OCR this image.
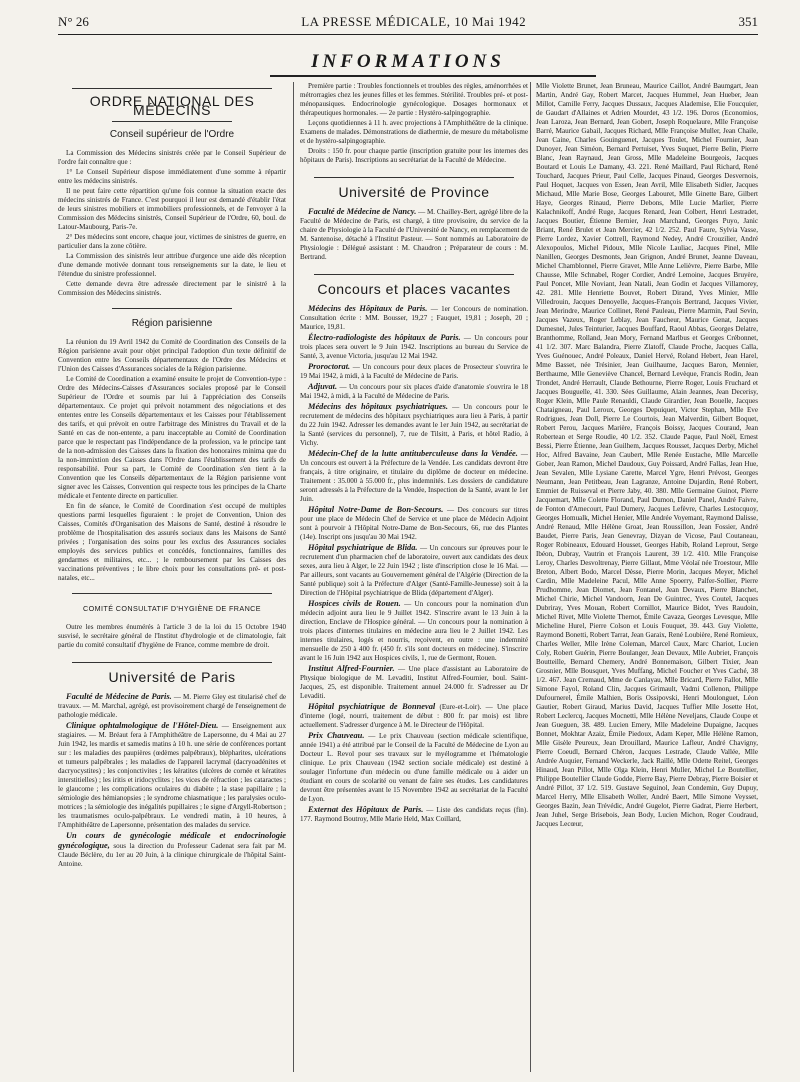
N° 26	LA PRESSE MÉDICALE, 10 Mai 1942	351
INFORMATIONS
ORDRE NATIONAL DES MÉDECINS
Conseil supérieur de l'Ordre

La Commission des Médecins sinistrés créée par le Conseil Supérieur de l'ordre fait connaître que :

1° Le Conseil Supérieur dispose immédiatement d'une somme à répartir entre les médecins sinistrés.

Il ne peut faire cette répartition qu'une fois connue la situation exacte des médecins sinistrés de France. C'est pourquoi il leur est demandé d'établir l'état de leurs sinistres mobiliers et immobiliers professionnels, et de l'envoyer à la Commission des Médecins sinistrés, Conseil Supérieur de l'Ordre, 60, boul. de Latour-Maubourg, Paris-7e.

2° Des médecins sont encore, chaque jour, victimes de sinistres de guerre, en particulier dans la zone côtière.

La Commission des sinistrés leur attribue d'urgence une aide dès réception d'une demande motivée donnant tous renseignements sur la date, le lieu et l'étendue du sinistre professionnel.

Cette demande devra être adressée directement par le sinistré à la Commission des Médecins sinistrés.

Région parisienne

La réunion du 19 Avril 1942 du Comité de Coordination des Conseils de la Région parisienne avait pour objet principal l'adoption d'un texte définitif de Convention entre les Conseils départementaux de l'Ordre des Médecins et l'Union des Caisses d'Assurances sociales de la Région parisienne.

Le Comité de Coordination a examiné ensuite le projet de Convention-type : Ordre des Médecins-Caisses d'Assurances sociales proposé par le Conseil Supérieur de l'Ordre et soumis par lui à l'appréciation des Conseils départementaux. Ce projet qui prévoit notamment des négociations et des ententes entre les Conseils départementaux et les Caisses pour l'établissement des tarifs, et qui prévoit en outre l'arbitrage des Ministres du Travail et de la Santé en cas de non-entente, a paru inacceptable au Comité de Coordination parce que le respectant pas l'indépendance de la profession, va le principe tant de la non-admission des Caisses dans la fixation des honoraires minima que du la non-immixtion des Caisses dans l'Ordre dans l'établissement des tarifs de responsabilité. Pour sa part, le Comité de Coordination s'en tient à la Convention que les Conseils départementaux de la Région parisienne vont signer avec les Caisses, Convention qui respecte tous les principes de la Charte médicale et l'entente directe en particulier.

En fin de séance, le Comité de Coordination s'est occupé de multiples questions parmi lesquelles figuraient : le projet de Convention, Union des Caisses, Comités d'Organisation des Maisons de Santé, destiné à résoudre le problème de l'hospitalisation des assurés sociaux dans les Maisons de Santé privées ; l'organisation des soins pour les exclus des Assurances sociales employés des services publics et concédés, fonctionnaires, familles des gendarmes et militaires, etc... ; le remboursement par les Caisses des vaccinations préventives ; le libre choix pour les consultations pré- et post-natales, etc...

COMITÉ CONSULTATIF D'HYGIÈNE DE FRANCE

Outre les membres énumérés à l'article 3 de la loi du 15 Octobre 1940 susvisé, le secrétaire général de l'Institut d'hydrologie et de climatologie, fait partie du comité consultatif d'hygiène de France, comme membre de droit.

Université de Paris

Faculté de Médecine de Paris. — M. Pierre Gley est titularisé chef de travaux. — M. Marchal, agrégé, est provisoirement chargé de l'enseignement de pathologie médicale.

Clinique ophtalmologique de l'Hôtel-Dieu. — Enseignement aux stagiaires. — M. Bréaut fera à l'Amphithéâtre de Lapersonne, du 4 Mai au 27 Juin 1942, les mardis et samedis matins à 10 h. une série de conférences portant sur : les maladies des paupières (œdèmes palpébraux), blépharites, ulcérations et tumeurs palpébrales ; les maladies de l'appareil lacrymal (dacryoadénites et dacryocystites) ; les conjonctivites ; les kératites (ulcères de cornée et kératites interstitielles) ; les iritis et iridocyclites ; les vices de réfraction ; les cataractes ; le glaucome ; les complications oculaires du diabète ; la stase papillaire ; la sémiologie des hémianopsies ; le syndrome chiasmatique ; les paralysies oculo-motrices ; la sémiologie des inégalités pupillaires ; le signe d'Argyll-Robertson ; les traumatismes oculo-palpébraux. Le vendredi matin, à 10 heures, à l'Amphithéâtre de Lapersonne, présentation des malades du service.

Un cours de gynécologie médicale et endocrinologie gynécologique, sous la direction du Professeur Cadenat sera fait par M. Claude Béclère, du 1er au 20 Juin, à la clinique chirurgicale de l'hôpital Saint-Antoine.

Première partie : Troubles fonctionnels et troubles des règles, aménorrhées et métrorragies chez les jeunes filles et les femmes. Stérilité. Troubles pré- et post-ménopausiques. Endocrinologie gynécologique. Dosages hormonaux et thérapeutiques hormonales. — 2e partie : Hystéro-salpingographie.

Leçons quotidiennes à 11 h. avec projections à l'Amphithéâtre de la clinique. Examens de malades. Démonstrations de diathermie, de mesure du métabolisme et de hystéro-salpingographie.

Droits : 150 fr. pour chaque partie (inscription gratuite pour les internes des hôpitaux de Paris). Inscriptions au secrétariat de la Faculté de Médecine.

Université de Province

Faculté de Médecine de Nancy. — M. Chailley-Bert, agrégé libre de la Faculté de Médecine de Paris, est chargé, à titre provisoire, du service de la chaire de Physiologie à la Faculté de l'Université de Nancy, en remplacement de M. Santenoise, détaché à l'Institut Pasteur. — Sont nommés au Laboratoire de Physiologie : Délégué assistant : M. Chaudron ; Préparateur de cours : M. Bertrand.

Concours et places vacantes

Médecins des Hôpitaux de Paris. — 1er Concours de nomination. Consultation écrite : MM. Bousser, 19,27 ; Fauquet, 19,81 ; Joseph, 20 ; Maurice, 19,81.

Électro-radiologiste des hôpitaux de Paris. — Un concours pour trois places sera ouvert le 9 Juin 1942. Inscriptions au bureau du Service de Santé, 3, avenue Victoria, jusqu'au 12 Mai 1942.

Proroctorat. — Un concours pour deux places de Prosecteur s'ouvrira le 19 Mai 1942, à midi, à la Faculté de Médecine de Paris.

Adjuvat. — Un concours pour six places d'aide d'anatomie s'ouvrira le 18 Mai 1942, à midi, à la Faculté de Médecine de Paris.

Médecins des hôpitaux psychiatriques. — Un concours pour le recrutement de médecins des hôpitaux psychiatriques aura lieu à Paris, à partir du 22 Juin 1942. Adresser les demandes avant le 1er Juin 1942, au secrétariat de la Santé (services du personnel), 7, rue de Tilsitt, à Paris, et hôtel Radio, à Vichy.

Médecin-Chef de la lutte antituberculeuse dans la Vendée. — Un concours est ouvert à la Préfecture de la Vendée. Les candidats devront être français, à titre originaire, et titulaire du diplôme de docteur en médecine. Traitement : 35.000 à 55.000 fr., plus indemnités. Les dossiers de candidature seront adressés à la Préfecture de la Vendée, Inspection de la Santé, avant le 1er Juin.

Hôpital Notre-Dame de Bon-Secours. — Des concours sur titres pour une place de Médecin Chef de Service et une place de Médecin Adjoint sont à pourvoir à l'Hôpital Notre-Dame de Bon-Secours, 66, rue des Plantes (14e). Inscript ons jusqu'au 30 Mai 1942.

Hôpital psychiatrique de Blida. — Un concours sur épreuves pour le recrutement d'un pharmacien chef de laboratoire, ouvert aux candidats des deux sexes, aura lieu à Alger, le 22 Juin 1942 ; liste d'inscription close le 16 Mai. — Par ailleurs, sont vacants au Gouvernement général de l'Algérie (Direction de la Santé publique) soit à la Préfecture d'Alger (Santé-Famille-Jeunesse) soit à la Direction de l'Hôpital psychiatrique de Blida (département d'Alger).

Hospices civils de Rouen. — Un concours pour la nomination d'un médecin adjoint aura lieu le 9 Juillet 1942. S'inscrire avant le 13 Juin à la direction, Enclave de l'Hospice général. — Un concours pour la nomination à trois places d'internes titulaires en médecine aura lieu le 2 Juillet 1942. Les internes titulaires, logés et nourris, reçoivent, en outre : une indemnité mensuelle de 250 à 400 fr. (450 fr. s'ils sont docteurs en médecine). S'inscrire avant le 16 Juin 1942 aux Hospices civils, 1, rue de Germont, Rouen.

Institut Alfred-Fournier. — Une place d'assistant au Laboratoire de Physique biologique de M. Levaditi, Institut Alfred-Fournier, boul. Saint-Jacques, 25, est disponible. Traitement annuel 24.000 fr. S'adresser au Dr Levaditi.

Hôpital psychiatrique de Bonneval (Eure-et-Loir). — Une place d'interne (logé, nourri, traitement de début : 800 fr. par mois) est libre actuellement. S'adresser d'urgence à M. le Directeur de l'Hôpital.

Prix Chauveau. — Le prix Chauveau (section médicale scientifique, année 1941) a été attribué par le Conseil de la Faculté de Médecine de Lyon au Docteur L. Revol pour ses travaux sur le myélogramme et l'hématologie clinique. Le prix Chauveau (1942 section sociale médicale) est destiné à soulager l'infortune d'un médecin ou d'une famille médicale ou à aider un étudiant en cours de scolarité ou venant de faire ses études. Les candidatures devront être présentées avant le 15 Novembre 1942 au secrétariat de la Faculté de Lyon.

Externat des Hôpitaux de Paris. — Liste des candidats reçus (fin). 177. Raymond Boutroy, Mlle Marie Held, Max Coillard,

Mlle Violette Brunet, Jean Bruneau, Maurice Caillot, André Baumgart, Jean Martin, André Gay, Robert Marcet, Jacques Hummel, Jean Hueber, Jean Millot, Camille Ferry, Jacques Dussaux, Jacques Alademise, Elie Foucquier, de Gaudart d'Allaines et Adrien Mourdet, 43 1/2. 196. Doros (Economios, Jean Laroza, Jean Bernard, Jean Gobert, Joseph Roquelaure, Mlle Françoise Barré, Maurice Gabail, Jacques Richard, Mlle Françoise Muller, Jean Chaile, Jean Caine, Charles Gouinguenet, Jacques Toulet, Michel Fournier, Jean Dunoyer, Jean Siméon, Bernard Pertuiset, Yves Suquet, Pierre Belin, Pierre Blanc, Jean Raynaud, Jean Gross, Mlle Madeleine Bourgeois, Jacques Boutard et Louis Le Damany, 43. 221. René Maillard, Paul Richard, René Touchard, Jacques Prieur, Paul Celle, Jacques Pinaud, Georges Desvernois, Paul Hoquet, Jacques von Essen, Jean Avril, Mlle Elisabeth Sidler, Jacques Michaud, Mlle Marie Bose, Georges Labouret, Mlle Ginette Bare, Gilbert Haye, Georges Rinaud, Pierre Debons, Mlle Lucie Marlier, Pierre Kalachnikoff, André Ruge, Jacques Renard, Jean Colbert, Henri Lestradet, Jacques Boutier, Étienne Bernier, Jean Marchand, Georges Puyo, Janic Briant, René Brulet et Jean Mercier, 42 1/2. 252. Paul Faure, Sylvia Vasse, Pierre Lordez, Xavier Cottrell, Raymond Nedey, André Crouzilier, André Alexopoulos, Michel Pidoux, Mlle Nicole Lauliac, Jacques Pinel, Mlle Nanillen, Georges Desmonts, Jean Grignon, André Brunet, Jeanne Daveau, Michel Chamblonnel, Pierre Gravet, Mlle Anne Lelièvre, Pierre Barbe, Mlle Chausse, Mlle Schnabel, Roger Cordier, André Lemoine, Jacques Bruyère, Paul Poncet, Mlle Noviant, Jean Natali, Jean Godin et Jacques Villamorey, 42. 281. Mlle Henriette Bouvet, Robert Dirand, Yves Minier, Mlle Villedrouin, Jacques Denoyelle, Jacques-François Bertrand, Jacques Vivier, Jean Merindre, Maurice Collinet, René Pauleau, Pierre Marmin, Paul Sevin, Jacques Vazeux, Roger Leblay, Jean Faucheur, Maurice Genat, Jacques Dumesnel, Jules Teinturier, Jacques Bouffard, Raoul Abbas, Georges Delatre, Branthomme, Rolland, Jean Mory, Fernand Marlbus et Georges Crébonnet, 41 1/2. 307. Marc Balandra, Pierre Zlatoff, Claude Proche, Jacques Calla, Yves Guénouec, André Poleaux, Daniel Hervé, Roland Hebert, Jean Harel, Mme Basset, née Trésinier, Jean Guilhaume, Jacques Baron, Mennier, Berthaume, Mlle Geneviève Chancel, Bernard Levèque, Francis Rodin, Jean Trondet, André Herrault, Claude Bethourne, Pierre Roger, Louis Fruchard et Jacques Bouguelle, 41. 330. Sées Guillaume, Alain Jeannes, Jean Decerisy, Roger Klein, Mlle Paule Renauldi, Claude Girardier, Jean Bouelle, Jacques Chataigneau, Paul Leroux, Georges Depuiquet, Victor Stephan, Mlle Eve Rodrigues, Jean Doll, Pierre Le Courtois, Jean Malverdin, Gilbert Boquet, Robert Perou, Jacques Marière, François Boissy, Jacques Couraud, Jean Robertean et Serge Roudie, 40 1/2. 352. Claude Paque, Paul Noël, Ernest Bessi, Pierre Étienne, Jean Guilhem, Jacques Rousset, Jacques Derby, Michel Hoc, Alfred Bavaine, Jean Caubert, Mlle Renée Eustache, Mlle Marcelle Gober, Jean Ramon, Michel Daudoux, Guy Poissard, André Fallas, Jean Hue, Jean Sevalen, Mlle Lysiane Carette, Marcel Ygre, Henri Prévost, Georges Neumann, Jean Petitbeau, Jean Lagranze, Antoine Dujardin, René Robert, Emmiet de Ruisseval et Pierre Jaby, 40. 380. Mlle Germaine Guinot, Pierre Jacquemart, Mlle Colette Florand, Paul Dumon, Daniel Panel, André Faivre, de Fonton d'Amecourt, Paul Dumery, Jacques Lefèvre, Charles Lestocquoy, Georges Homualk, Michel Henier, Mlle Andrée Voyemant, Raymond Dalisse, André Renaud, Mlle Hélène Groat, Jean Roussillon, Jean Fossier, André Baudet, Pierre Paris, Jean Genevray, Dizyan de Vicose, Paul Coutaneau, Roger Robineaux, Edouard Housset, Georges Habib, Roland Leprout, Serge Ibéon, Dubray, Vautrin et François Laurent, 39 1/2. 410. Mlle Françoise Leroy, Charles Desvoltrenay, Pierre Gillaut, Mme Véolaï née Troestour, Mlle Breton, Albert Bodo, Marcel Dèsse, Pierre Morin, Jacques Meyer, Michel Cardin, Mlle Madeleine Pacul, Mlle Anne Spoerry, Palfer-Sollier, Pierre Prudhomme, Jean Diomet, Jean Fontanel, Jean Devaux, Pierre Blanchet, Michel Chirie, Michel Vandoorn, Jean De Guintrec, Yves Coutel, Jacques Dubriray, Yves Mouan, Robert Cornillot, Maurice Bidot, Yves Raudoin, Michel Rivet, Mlle Violette Thernot, Émile Cavaza, Georges Levesque, Mlle Micheline Hurel, Pierre Colson et Louis Fouquet, 39. 443. Guy Violette, Raymond Bonetti, Robert Tarrat, Jean Garaix, René Loubière, René Romieux, Charles Weller, Mlle Irène Coleman, Marcel Caux, Marc Chariot, Lucien Coly, Robert Guérin, Pierre Boulanger, Jean Devaux, Mlle Aubriet, François Boutteille, Bernard Chemery, André Bonnemaison, Gilbert Tixier, Jean Grosnier, Mlle Bousquet, Yves Muffang, Michel Foucher et Yves Caché, 38 1/2. 467. Jean Cremaud, Mme de Canlayau, Mlle Bricard, Pierre Fallot, Mlle Simone Fayol, Roland Clin, Jacques Grimault, Vadmi Collenon, Philippe Dufournerel, Émile Malhien, Boris Ossipovski, Henri Moulonguet, Léon Gautier, Robert Giraud, Marius David, Jacques Tuffier Mlle Josette Hot, Robert Leclercq, Jacques Mocnetti, Mlle Hélène Neveljans, Claude Coupe et Jean Gueguen, 38. 489. Lucien Emery, Mlle Madeleine Dupaigne, Jacques Bonnet, Mokhtar Azaiz, Émile Piedoux, Adam Keper, Mlle Hélène Ramon, Mlle Gisèle Peureux, Jean Drouillard, Maurice Lafleur, André Chavigny, Pierre Coeudl, Bernard Chéron, Jacques Lestrade, Claude Vallée, Mlle Andrée Auquier, Fernand Weckerle, Jack Raillé, Mlle Odette Reitel, Georges Hinaud, Jean Pillot, Mlle Olga Klein, Henri Muller, Michel Le Boutellier, Philippe Boutellier Claude Godde, Pierre Bay, Pierre Debray, Pierre Boisier et André Pillot, 37 1/2. 519. Gustave Seguinol, Jean Condemin, Guy Dupuy, Marcel Herry, Mlle Elisabeth Woller, André Baert, Mlle Simone Veysset, Georges Bazin, Jean Trévédic, André Gugelot, Pierre Gadrat, Pierre Herbert, Jean Juhel, Serge Brisebois, Jean Body, Lucien Michon, Roger Coudraud, Jacques Lecœur,
